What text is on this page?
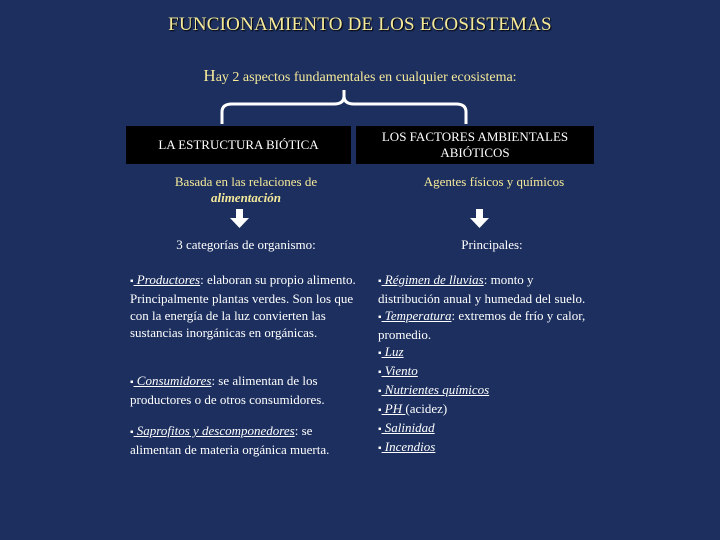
FUNCIONAMIENTO DE LOS ECOSISTEMAS
Hay 2 aspectos fundamentales en cualquier ecosistema:
LA ESTRUCTURA BIÓTICA
LOS FACTORES AMBIENTALES ABIÓTICOS
Basada en las relaciones de
alimentación
Agentes físicos y químicos
3 categorías de organismo:	Principales:
▪ Productores: elaboran su propio alimento. Principalmente plantas verdes. Son los que con la energía de la luz convierten las sustancias inorgánicas en orgánicas.
▪ Consumidores: se alimentan de los productores o de otros consumidores.
▪ Saprofitos y descomponedores: se alimentan de materia orgánica muerta.
▪ Régimen de lluvias: monto y distribución anual y humedad del suelo.
▪ Temperatura: extremos de frío y calor, promedio.
▪ Luz
▪ Viento
▪ Nutrientes químicos
▪ PH (acidez)
▪ Salinidad
▪ Incendios
